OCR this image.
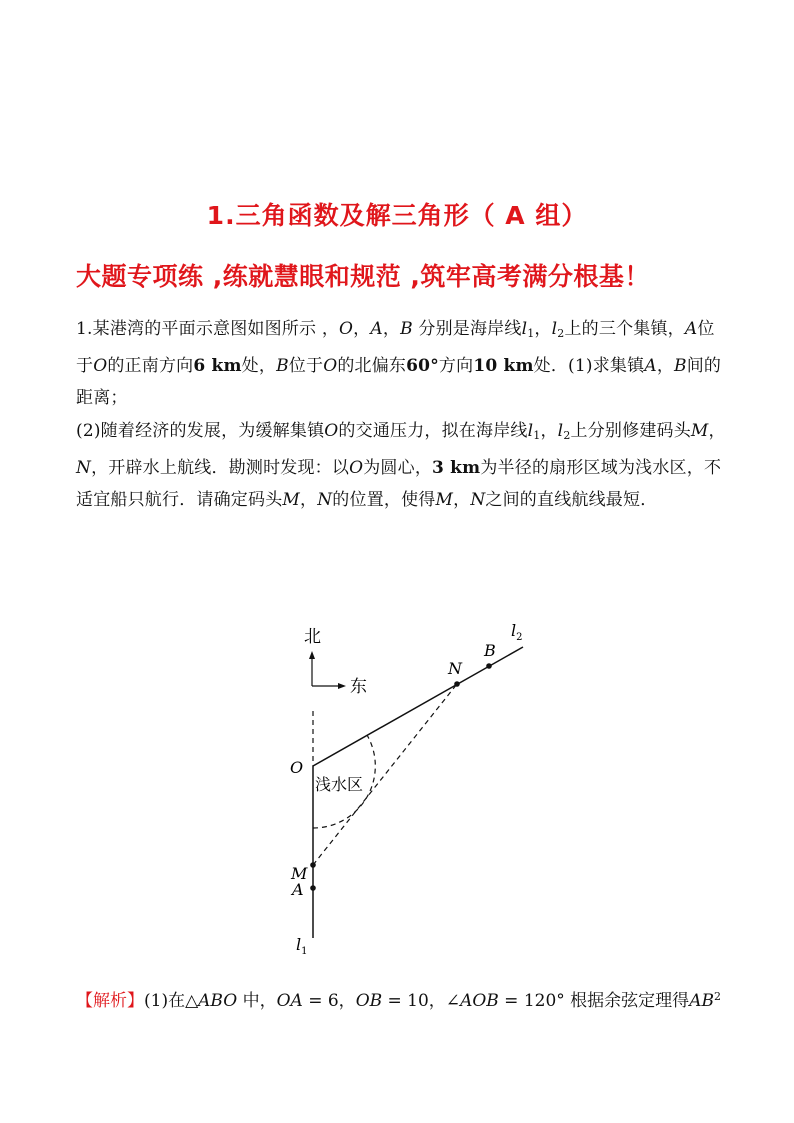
1.三角函数及解三角形（ A 组）
大题专项练 ,练就慧眼和规范 ,筑牢高考满分根基！

1.某港湾的平面示意图如图所示 ，O，A，B 分别是海岸线$l_1$，$l_2$上的三个集镇，A位于O的正南方向6 km处，B位于O的北偏东60°方向10 km处．(1)求集镇A，B间的距离；

(2)随着经济的发展，为缓解集镇O的交通压力，拟在海岸线$l_1$，$l_2$上分别修建码头M，N，开辟水上航线．勘测时发现：以O为圆心，3 km为半径的扇形区域为浅水区，不适宜船只航行．请确定码头M，N的位置，使得M，N之间的直线航线最短．

北
东
O
浅水区
N
B
M
A
$l_1$
$l_2$
【解析】(1)在△ABO 中，OA = 6，OB = 10，∠AOB = 120° 根据余弦定理得$AB^2$
